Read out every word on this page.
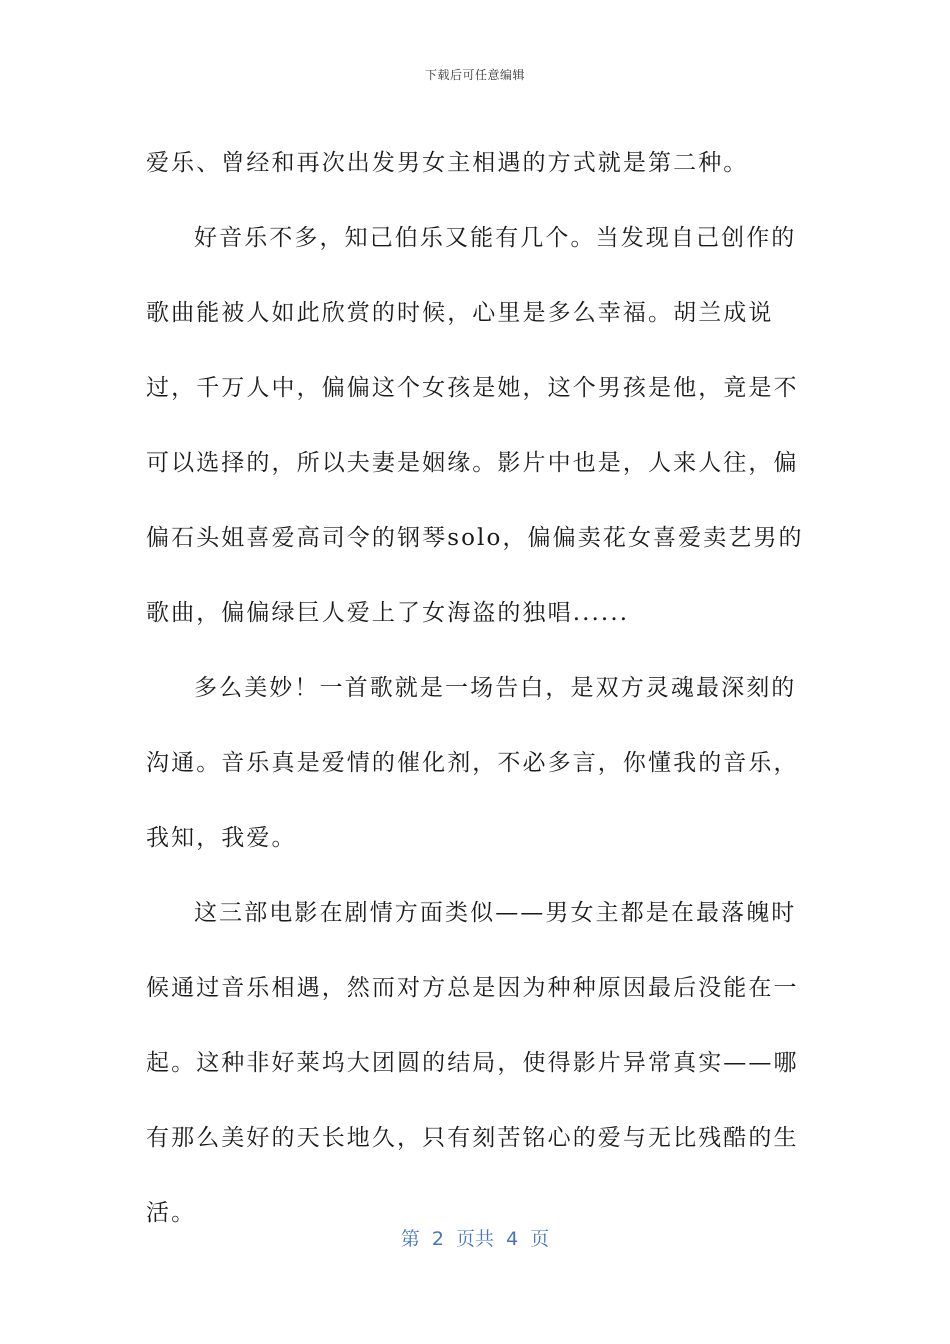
下载后可任意编辑

爱乐、曾经和再次出发男女主相遇的方式就是第二种。

好音乐不多，知己伯乐又能有几个。当发现自己创作的歌曲能被人如此欣赏的时候，心里是多么幸福。胡兰成说过，千万人中，偏偏这个女孩是她，这个男孩是他，竟是不可以选择的，所以夫妻是姻缘。影片中也是，人来人往，偏偏石头姐喜爱高司令的钢琴solo，偏偏卖花女喜爱卖艺男的歌曲，偏偏绿巨人爱上了女海盗的独唱......

多么美妙！一首歌就是一场告白，是双方灵魂最深刻的沟通。音乐真是爱情的催化剂，不必多言，你懂我的音乐，我知，我爱。

这三部电影在剧情方面类似——男女主都是在最落魄时候通过音乐相遇，然而对方总是因为种种原因最后没能在一起。这种非好莱坞大团圆的结局，使得影片异常真实——哪有那么美好的天长地久，只有刻苦铭心的爱与无比残酷的生活。

第  2  页共  4  页
